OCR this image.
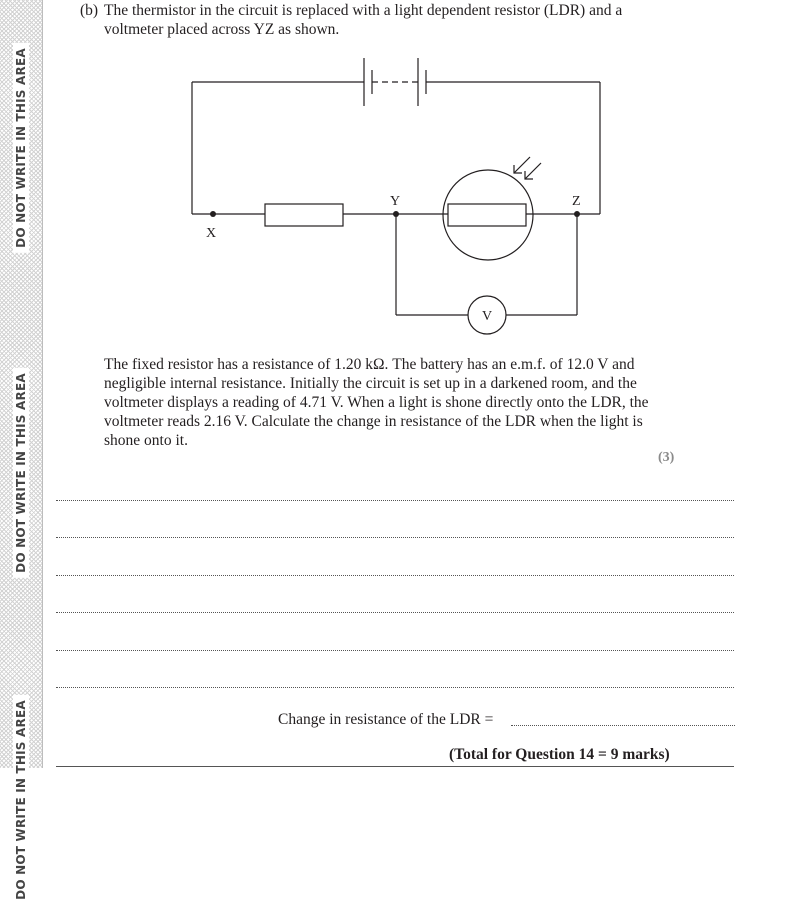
DO NOT WRITE IN THIS AREA
DO NOT WRITE IN THIS AREA
DO NOT WRITE IN THIS AREA
(b) The thermistor in the circuit is replaced with a light dependent resistor (LDR) and a
voltmeter placed across YZ as shown.
X
Y	Z
V
The fixed resistor has a resistance of 1.20 kΩ. The battery has an e.m.f. of 12.0 V and negligible internal resistance. Initially the circuit is set up in a darkened room, and the voltmeter displays a reading of 4.71 V. When a light is shone directly onto the LDR, the voltmeter reads 2.16 V. Calculate the change in resistance of the LDR when the light is shone onto it.
(3)
Change in resistance of the LDR =
(Total for Question 14 = 9 marks)
